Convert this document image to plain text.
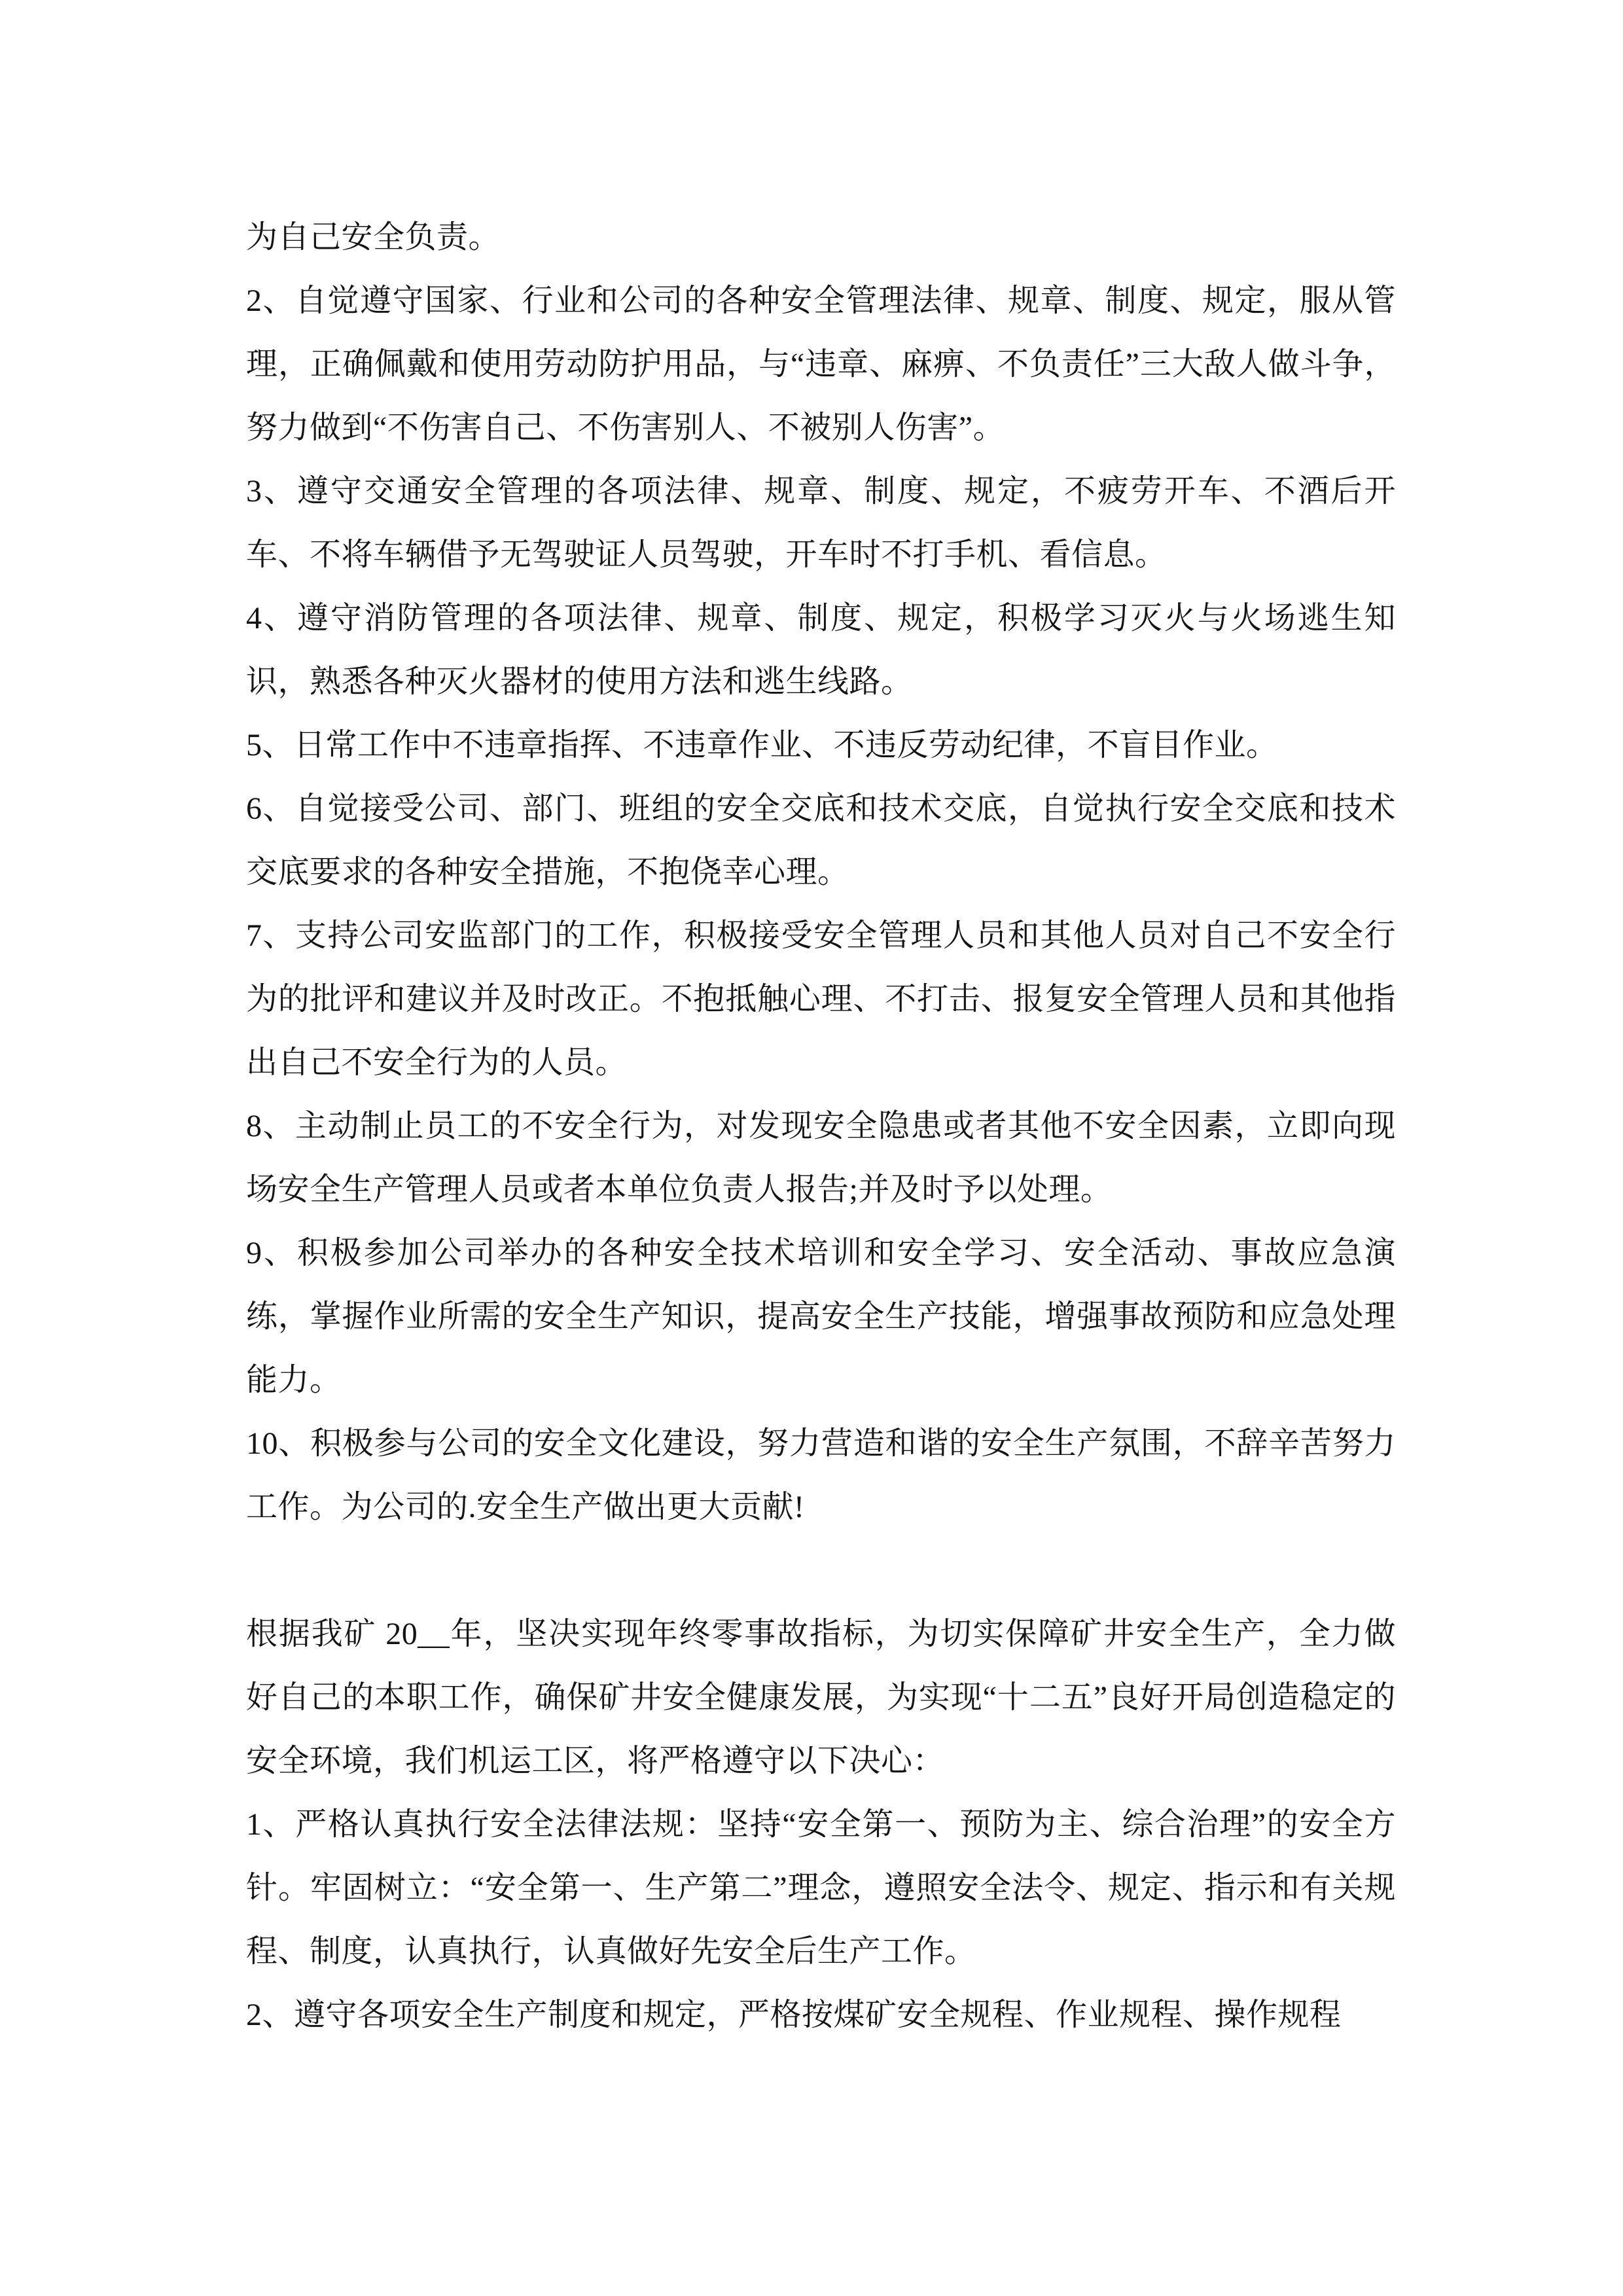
为自己安全负责。

2、自觉遵守国家、行业和公司的各种安全管理法律、规章、制度、规定，服从管理，正确佩戴和使用劳动防护用品，与“违章、麻痹、不负责任”三大敌人做斗争，努力做到“不伤害自己、不伤害别人、不被别人伤害”。

3、遵守交通安全管理的各项法律、规章、制度、规定，不疲劳开车、不酒后开车、不将车辆借予无驾驶证人员驾驶，开车时不打手机、看信息。

4、遵守消防管理的各项法律、规章、制度、规定，积极学习灭火与火场逃生知识，熟悉各种灭火器材的使用方法和逃生线路。

5、日常工作中不违章指挥、不违章作业、不违反劳动纪律，不盲目作业。

6、自觉接受公司、部门、班组的安全交底和技术交底，自觉执行安全交底和技术交底要求的各种安全措施，不抱侥幸心理。

7、支持公司安监部门的工作，积极接受安全管理人员和其他人员对自己不安全行为的批评和建议并及时改正。不抱抵触心理、不打击、报复安全管理人员和其他指出自己不安全行为的人员。

8、主动制止员工的不安全行为，对发现安全隐患或者其他不安全因素，立即向现场安全生产管理人员或者本单位负责人报告;并及时予以处理。

9、积极参加公司举办的各种安全技术培训和安全学习、安全活动、事故应急演练，掌握作业所需的安全生产知识，提高安全生产技能，增强事故预防和应急处理能力。

10、积极参与公司的安全文化建设，努力营造和谐的安全生产氛围，不辞辛苦努力工作。为公司的.安全生产做出更大贡献!

根据我矿 20__年，坚决实现年终零事故指标，为切实保障矿井安全生产，全力做好自己的本职工作，确保矿井安全健康发展，为实现“十二五”良好开局创造稳定的安全环境，我们机运工区，将严格遵守以下决心：

1、严格认真执行安全法律法规：坚持“安全第一、预防为主、综合治理”的安全方针。牢固树立：“安全第一、生产第二”理念，遵照安全法令、规定、指示和有关规程、制度，认真执行，认真做好先安全后生产工作。

2、遵守各项安全生产制度和规定，严格按煤矿安全规程、作业规程、操作规程
